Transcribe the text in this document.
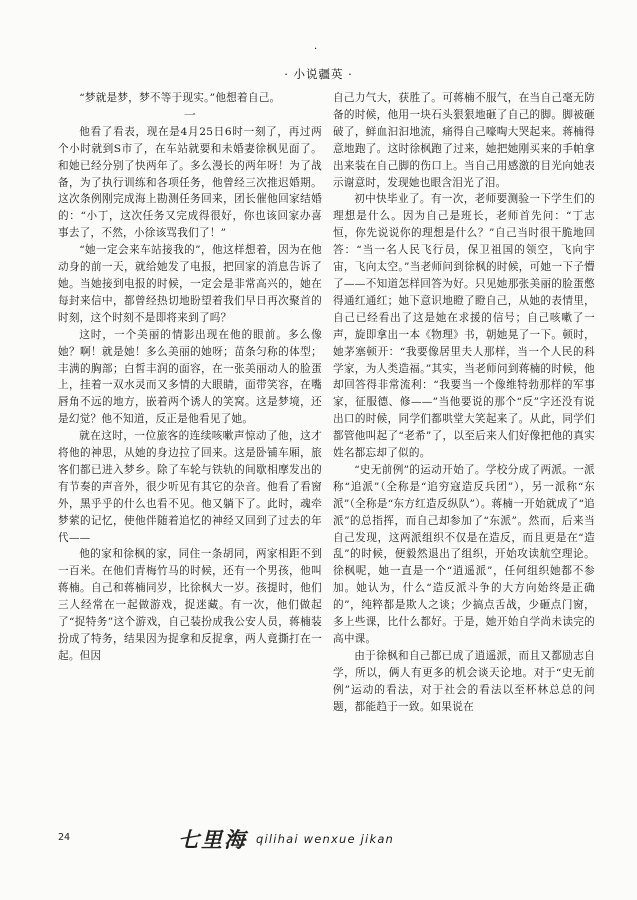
·
· 小说疆英 ·

“梦就是梦，梦不等于现实。”他想着自己。

一

他看了看表，现在是4月25日6时一刻了，再过两个小时就到S市了，在车站就要和未婚妻徐枫见面了。和她已经分别了快两年了。多么漫长的两年呀！为了战备，为了执行训练和各项任务，他曾经三次推迟婚期。这次条例刚完成海上勘测任务回来，团长催他回家结婚的：“小丁，这次任务又完成得很好，你也该回家办喜事去了，不然，小徐该骂我们了！”

“她一定会来车站接我的”，他这样想着，因为在他动身的前一天，就给她发了电报，把回家的消息告诉了她。当她接到电报的时候，一定会是非常高兴的，她在每封来信中，都曾经热切地盼望着我们早日再次聚首的时刻，这个时刻不是即将来到了吗？

这时，一个美丽的情影出现在他的眼前。多么像她？啊！就是她！多么美丽的她呀；苗条匀称的体型；丰满的胸部；白皙丰润的面容，在一张美丽动人的脸蛋上，挂着一双水灵而又多情的大眼睛，面带笑容，在嘴唇角不远的地方，嵌着两个诱人的笑窝。这是梦境，还是幻觉？他不知道，反正是他看见了她。

就在这时，一位旅客的连续咳嗽声惊动了他，这才将他的神思，从她的身边拉了回来。这是卧铺车厢，旅客们都已进入梦乡。除了车轮与铁轨的间歇相摩发出的有节奏的声音外，很少听见有其它的杂音。他看了看窗外，黑乎乎的什么也看不见。他又躺下了。此时，魂牵梦萦的记忆，使他伴随着追忆的神经又回到了过去的年代——

他的家和徐枫的家，同住一条胡同，两家相距不到一百米。在他们青梅竹马的时候，还有一个男孩，他叫蒋楠。自己和蒋楠同岁，比徐枫大一岁。孩提时，他们三人经常在一起做游戏，捉迷藏。有一次，他们做起了“捉特务”这个游戏，自己装扮成我公安人员，蒋楠装扮成了特务，结果因为捉拿和反捉拿，两人竟撕打在一起。但因

自己力气大，获胜了。可蒋楠不服气，在当自己毫无防备的时候，他用一块石头狠狠地砸了自己的脚。脚被砸破了，鲜血汩汩地流，痛得自己嚎啕大哭起来。蒋楠得意地跑了。这时徐枫跑了过来，她把她刚买来的手帕拿出来装在自己脚的伤口上。当自己用感激的目光向她表示谢意时，发现她也眼含泪光了泪。

初中快毕业了。有一次，老师要测验一下学生们的理想是什么。因为自己是班长，老师首先问：“丁志恒，你先说说你的理想是什么？”自己当时很干脆地回答：“当一名人民飞行员，保卫祖国的领空，飞向宇宙，飞向太空。”当老师问到徐枫的时候，可她一下子懵了——不知道怎样回答为好。只见她那张美丽的脸蛋憋得通红通红；她下意识地瞪了瞪自己，从她的表情里，自己已经看出了这是她在求援的信号；自己咳嗽了一声，旋即拿出一本《物理》书，朝她晃了一下。顿时，她茅塞顿开：“我要像居里夫人那样，当一个人民的科学家，为人类造福。”其实，当老师问到蒋楠的时候，他却回答得非常流利：“我要当一个像维特勃那样的军事家，征服德、修——”当他要说的那个“反”字还没有说出口的时候，同学们都哄堂大笑起来了。从此，同学们都管他叫起了“老希”了，以至后来人们好像把他的真实姓名都忘却了似的。

“史无前例”的运动开始了。学校分成了两派。一派称“追派”（全称是“追穷寇造反兵团”），另一派称“东派”（全称是“东方红造反纵队”）。蒋楠一开始就成了“追派”的总指挥，而自己却参加了“东派”。然而，后来当自己发现，这两派组织不仅是在造反，而且更是在“造乱”的时候，便毅然退出了组织，开始攻读航空理论。徐枫呢，她一直是一个“逍遥派”，任何组织她都不参加。她认为，什么“造反派斗争的大方向始终是正确的”，纯粹都是欺人之谈；少搞点舌战，少砸点门窗，多上些课，比什么都好。于是，她开始自学尚未读完的高中课。

由于徐枫和自己都已成了逍遥派，而且又都励志自学，所以，俩人有更多的机会谈天论地。对于“史无前例”运动的看法，对于社会的看法以至杯林总总的问题，都能趋于一致。如果说在

24	七里海 qilihai wenxue jikan
